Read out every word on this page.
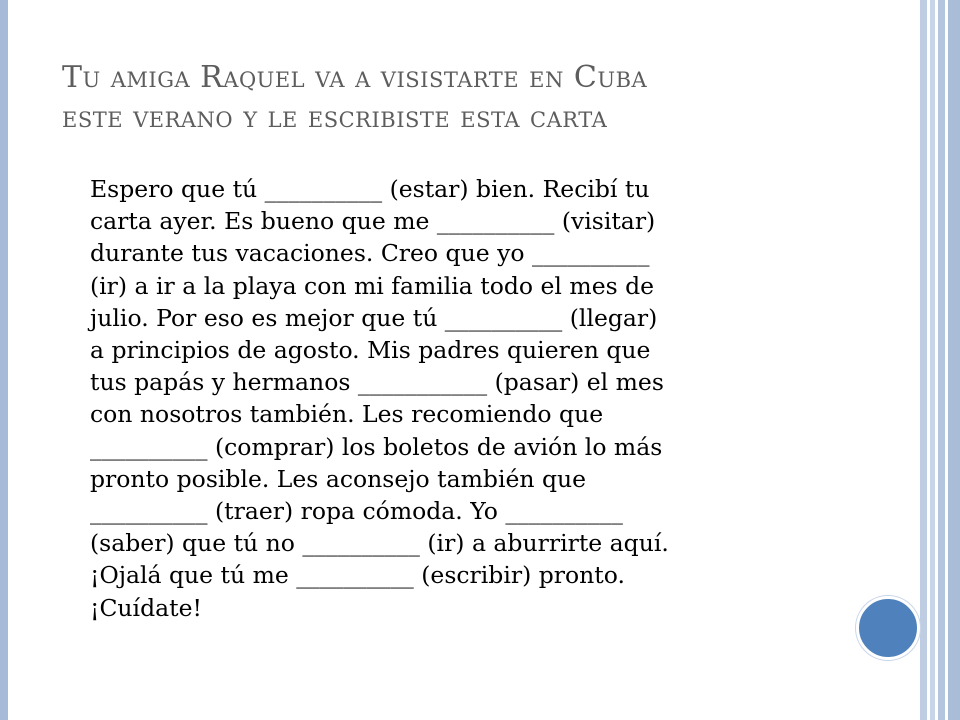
Tu amiga Raquel va a visistarte en Cuba
este verano y le escribiste esta carta
Espero que tú __________ (estar) bien. Recibí tu
carta ayer. Es bueno que me __________ (visitar)
durante tus vacaciones. Creo que yo __________
(ir) a ir a la playa con mi familia todo el mes de
julio. Por eso es mejor que tú __________ (llegar)
a principios de agosto. Mis padres quieren que
tus papás y hermanos ___________ (pasar) el mes
con nosotros también. Les recomiendo que
__________ (comprar) los boletos de avión lo más
pronto posible. Les aconsejo también que
__________ (traer) ropa cómoda. Yo __________
(saber) que tú no __________ (ir) a aburrirte aquí.
¡Ojalá que tú me __________ (escribir) pronto.
¡Cuídate!
